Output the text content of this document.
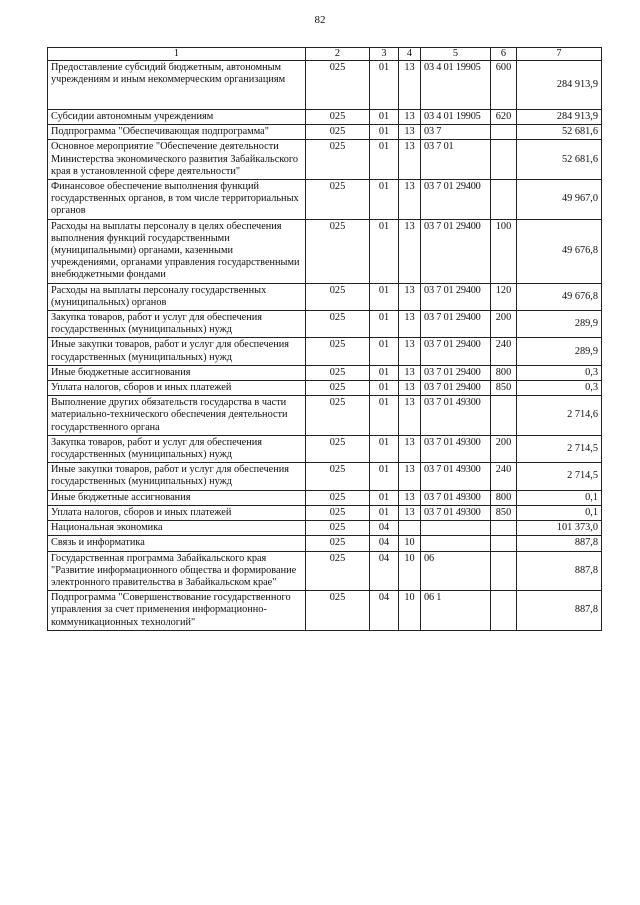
82
1	2	3	4	5	6	7
Предоставление субсидий бюджетным, автономным учреждениям и иным некоммерческим организациям	025	01	13	03 4 01 19905	600	284 913,9
Субсидии автономным учреждениям	025	01	13	03 4 01 19905	620	284 913,9
Подпрограмма "Обеспечивающая подпрограмма"	025	01	13	03 7		52 681,6
Основное мероприятие "Обеспечение деятельности Министерства экономического развития Забайкальского края в установленной сфере деятельности"	025	01	13	03 7 01		52 681,6
Финансовое обеспечение выполнения функций государственных органов, в том числе территориальных органов	025	01	13	03 7 01 29400		49 967,0
Расходы на выплаты персоналу в целях обеспечения выполнения функций государственными (муниципальными) органами, казенными учреждениями, органами управления государственными внебюджетными фондами	025	01	13	03 7 01 29400	100	49 676,8
Расходы на выплаты персоналу государственных (муниципальных) органов	025	01	13	03 7 01 29400	120	49 676,8
Закупка товаров, работ и услуг для обеспечения государственных (муниципальных) нужд	025	01	13	03 7 01 29400	200	289,9
Иные закупки товаров, работ и услуг для обеспечения государственных (муниципальных) нужд	025	01	13	03 7 01 29400	240	289,9
Иные бюджетные ассигнования	025	01	13	03 7 01 29400	800	0,3
Уплата налогов, сборов и иных платежей	025	01	13	03 7 01 29400	850	0,3
Выполнение других обязательств государства в части материально-технического обеспечения деятельности государственного органа	025	01	13	03 7 01 49300		2 714,6
Закупка товаров, работ и услуг для обеспечения государственных (муниципальных) нужд	025	01	13	03 7 01 49300	200	2 714,5
Иные закупки товаров, работ и услуг для обеспечения государственных (муниципальных) нужд	025	01	13	03 7 01 49300	240	2 714,5
Иные бюджетные ассигнования	025	01	13	03 7 01 49300	800	0,1
Уплата налогов, сборов и иных платежей	025	01	13	03 7 01 49300	850	0,1
Национальная экономика	025	04				101 373,0
Связь и информатика	025	04	10			887,8
Государственная программа Забайкальского края "Развитие информационного общества и формирование электронного правительства в Забайкальском крае"	025	04	10	06		887,8
Подпрограмма "Совершенствование государственного управления за счет применения информационно-коммуникационных технологий"	025	04	10	06 1		887,8
